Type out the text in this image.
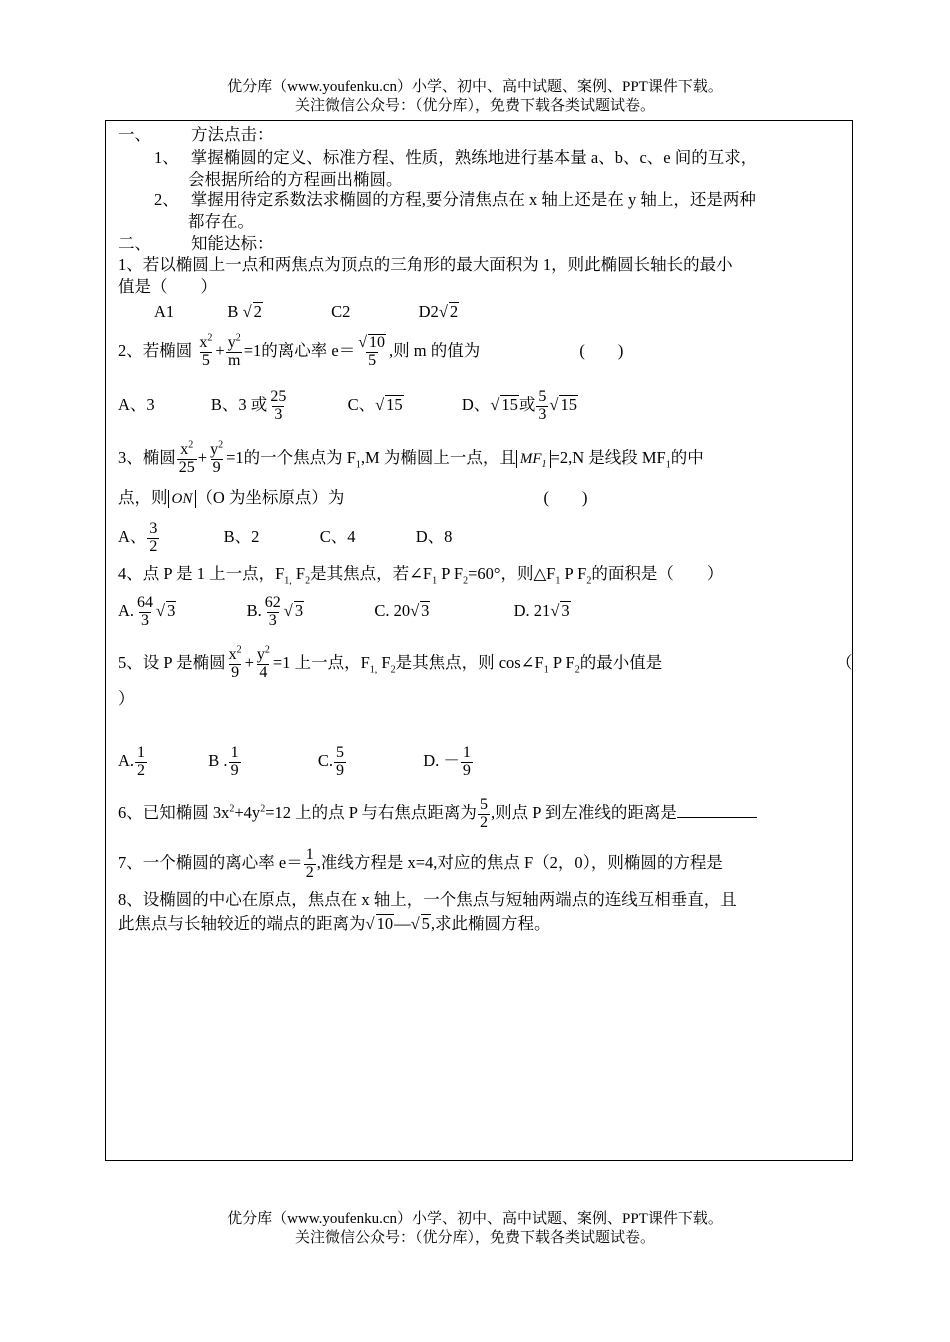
优分库（www.youfenku.cn）小学、初中、高中试题、案例、PPT课件下载。
关注微信公众号：（优分库），免费下载各类试题试卷。
一、 方法点击：
1、 掌握椭圆的定义、标准方程、性质，熟练地进行基本量 a、b、c、e 间的互求，
会根据所给的方程画出椭圆。
2、 掌握用待定系数法求椭圆的方程,要分清焦点在 x 轴上还是在 y 轴上，还是两种
都存在。
二、 知能达标：
1、若以椭圆上一点和两焦点为顶点的三角形的最大面积为 1，则此椭圆长轴长的最小
值是（　　）
A1	B √ 2	C2	D2√ 2
2、若椭圆 $\frac{x^2}{5} + \frac{y^2}{m} =1$的离心率 $e= \frac{√ 10}{5}$ ,则 m 的值为	(　　)
A、3	B、3 或 $\frac{25}{3}$	C、√ 15	D、√ 15或 $\frac{5}{3}$ √ 15
3、椭圆 $\frac{x^2}{25} + \frac{y^2}{9} =1$的一个焦点为 $F_1,M$ 为椭圆上一点，且 $MF_1 =2,N$ 是线段 $MF_1$的中
点，则 ON （O 为坐标原点）为	(　　)
A、 $\frac{3}{2}$	B、2	C、4	D、8
4、点 P 是 1 上一点，$F_{1,}$ $F_2$是其焦点，若$\angle F_1$ P $F_2=60^\circ$，则$\triangle F_1$ P $F_2$的面积是（　　）
A. $\frac{64}{3}$ √ 3	B. $\frac{62}{3}$ √ 3	C. 20√ 3	D. 21√ 3
5、设 P 是椭圆 $\frac{x^2}{9} + \frac{y^2}{4} =1$ 上一点，$F_{1,}$ $F_2$是其焦点，则 $\cos\angle F_1$ P $F_2$的最小值是	（
）
A. $\frac{1}{2}$	B . $\frac{1}{9}$	C. $\frac{5}{9}$	D. － $\frac{1}{9}$
6、已知椭圆 $3x^2+4y^2=12$ 上的点 P 与右焦点距离为 $\frac{5}{2}$ ,则点 P 到左准线的距离是
7、一个椭圆的离心率 $e= \frac{1}{2}$ ,准线方程是 x=4,对应的焦点 F（2，0），则椭圆的方程是
8、设椭圆的中心在原点，焦点在 x 轴上，一个焦点与短轴两端点的连线互相垂直，且
此焦点与长轴较近的端点的距离为√ 10—√ 5,求此椭圆方程。
优分库（www.youfenku.cn）小学、初中、高中试题、案例、PPT课件下载。
关注微信公众号：（优分库），免费下载各类试题试卷。
